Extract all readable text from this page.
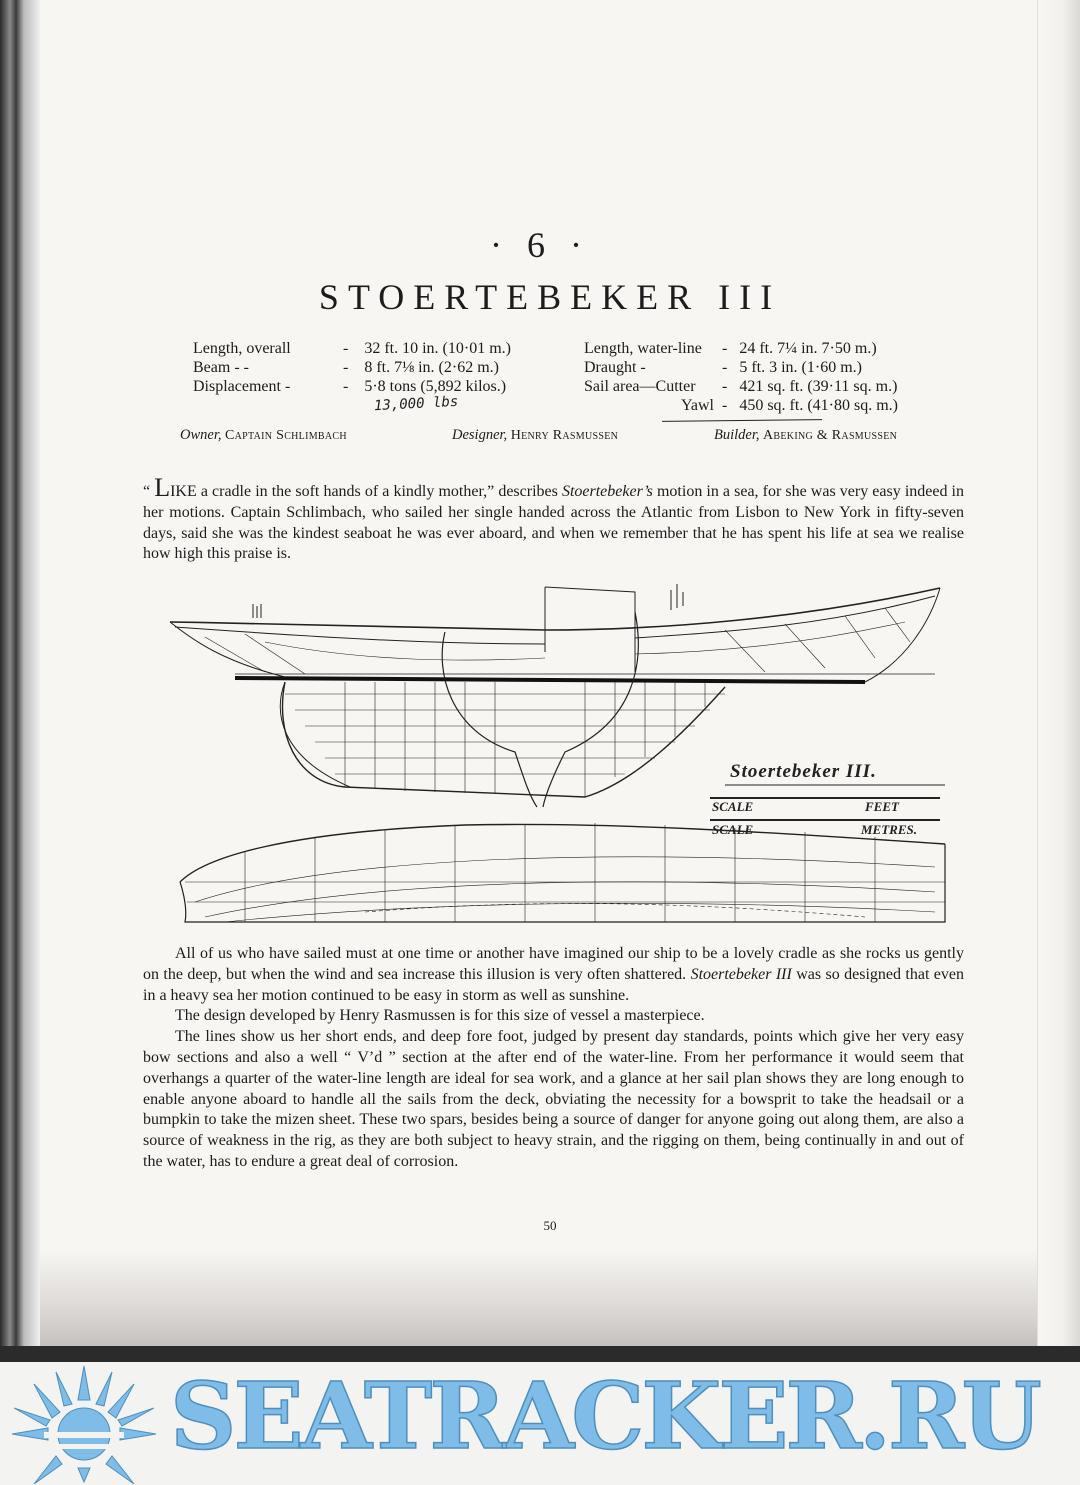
· 6 ·
STOERTEBEKER III
Length, overall	-	32 ft. 10 in. (10·01 m.)
Beam - -	-	8 ft. 7⅛ in. (2·62 m.)
Displacement -	-	5·8 tons (5,892 kilos.)
13,000 lbs
Length, water-line	- 24 ft. 7¼ in. 7·50 m.)
Draught -	- 5 ft. 3 in. (1·60 m.)
Sail area—Cutter	- 421 sq. ft. (39·11 sq. m.)
Yawl - 450 sq. ft. (41·80 sq. m.)
Owner, Captain Schlimbach	Designer, Henry Rasmussen	Builder, Abeking & Rasmussen
“ LIKE a cradle in the soft hands of a kindly mother,” describes Stoertebeker’s motion in a sea, for she was very easy indeed in her motions. Captain Schlimbach, who sailed her single handed across the Atlantic from Lisbon to New York in fifty-seven days, said she was the kindest seaboat he was ever aboard, and when we remember that he has spent his life at sea we realise how high this praise is.
Stoertebeker III.
SCALE	FEET
SCALE	METRES.

All of us who have sailed must at one time or another have imagined our ship to be a lovely cradle as she rocks us gently on the deep, but when the wind and sea increase this illusion is very often shattered. Stoertebeker III was so designed that even in a heavy sea her motion continued to be easy in storm as well as sunshine.

The design developed by Henry Rasmussen is for this size of vessel a masterpiece.

The lines show us her short ends, and deep fore foot, judged by present day standards, points which give her very easy bow sections and also a well “ V’d ” section at the after end of the water-line. From her performance it would seem that overhangs a quarter of the water-line length are ideal for sea work, and a glance at her sail plan shows they are long enough to enable anyone aboard to handle all the sails from the deck, obviating the necessity for a bowsprit to take the headsail or a bumpkin to take the mizen sheet. These two spars, besides being a source of danger for anyone going out along them, are also a source of weakness in the rig, as they are both subject to heavy strain, and the rigging on them, being continually in and out of the water, has to endure a great deal of corrosion.

50
SEATRACKER.RU
